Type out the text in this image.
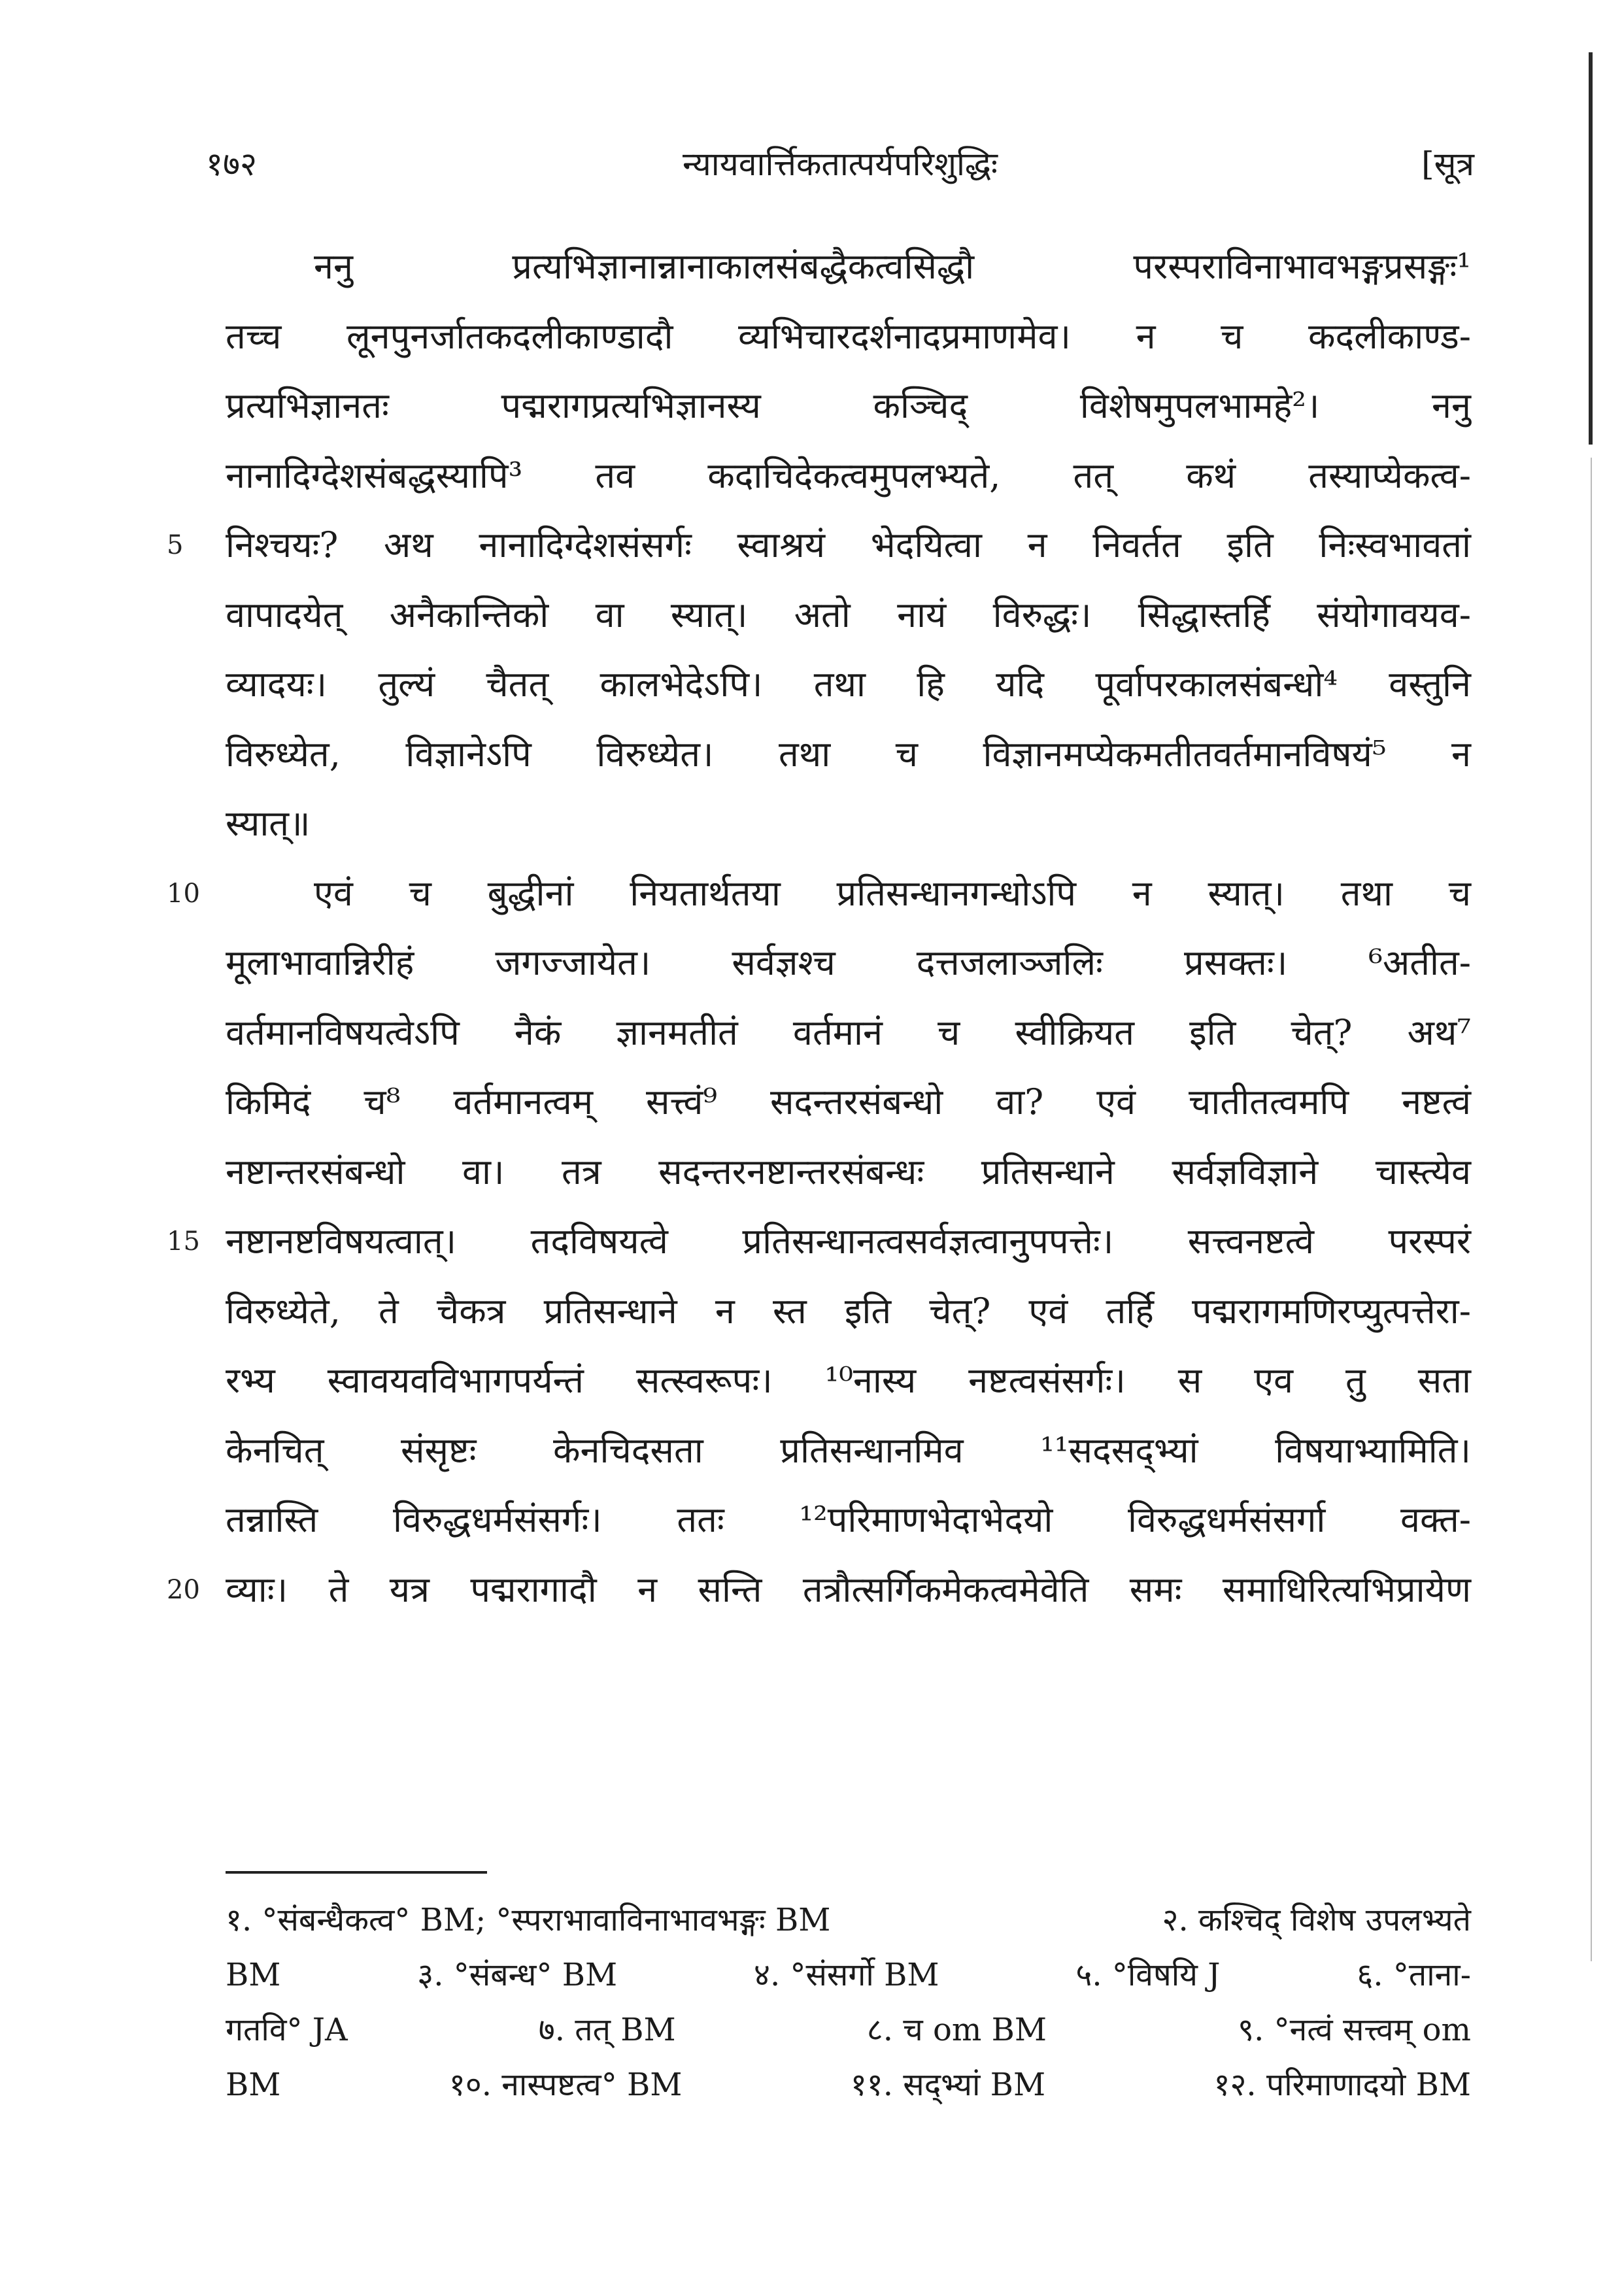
१७२	न्यायवार्त्तिकतात्पर्यपरिशुद्धिः	[सूत्र
ननु प्रत्यभिज्ञानान्नानाकालसंबद्धैकत्वसिद्धौ परस्पराविनाभावभङ्गप्रसङ्गः¹
तच्च लूनपुनर्जातकदलीकाण्डादौ व्यभिचारदर्शनादप्रमाणमेव। न च कदलीकाण्ड-
प्रत्यभिज्ञानतः पद्मरागप्रत्यभिज्ञानस्य कञ्चिद् विशेषमुपलभामहे²। ननु
नानादिग्देशसंबद्धस्यापि³ तव कदाचिदेकत्वमुपलभ्यते, तत् कथं तस्याप्येकत्व-
5 निश्चयः? अथ नानादिग्देशसंसर्गः स्वाश्रयं भेदयित्वा न निवर्तत इति निःस्वभावतां
वापादयेत् अनैकान्तिको वा स्यात्। अतो नायं विरुद्धः। सिद्धास्तर्हि संयोगावयव-
व्यादयः। तुल्यं चैतत् कालभेदेऽपि। तथा हि यदि पूर्वापरकालसंबन्धो⁴ वस्तुनि
विरुध्येत, विज्ञानेऽपि विरुध्येत। तथा च विज्ञानमप्येकमतीतवर्तमानविषयं⁵ न
स्यात्॥
10	एवं च बुद्धीनां नियतार्थतया प्रतिसन्धानगन्धोऽपि न स्यात्। तथा च
मूलाभावान्निरीहं जगज्जायेत। सर्वज्ञश्च दत्तजलाञ्जलिः प्रसक्तः। ⁶अतीत-
वर्तमानविषयत्वेऽपि नैकं ज्ञानमतीतं वर्तमानं च स्वीक्रियत इति चेत्? अथ⁷
किमिदं च⁸ वर्तमानत्वम् सत्त्वं⁹ सदन्तरसंबन्धो वा? एवं चातीतत्वमपि नष्टत्वं
नष्टान्तरसंबन्धो वा। तत्र सदन्तरनष्टान्तरसंबन्धः प्रतिसन्धाने सर्वज्ञविज्ञाने चास्त्येव
15 नष्टानष्टविषयत्वात्। तदविषयत्वे प्रतिसन्धानत्वसर्वज्ञत्वानुपपत्तेः। सत्त्वनष्टत्वे परस्परं
विरुध्येते, ते चैकत्र प्रतिसन्धाने न स्त इति चेत्? एवं तर्हि पद्मरागमणिरप्युत्पत्तेरा-
रभ्य स्वावयवविभागपर्यन्तं सत्स्वरूपः। ¹⁰नास्य नष्टत्वसंसर्गः। स एव तु सता
केनचित् संसृष्टः केनचिदसता प्रतिसन्धानमिव ¹¹सदसद्भ्यां विषयाभ्यामिति।
तन्नास्ति विरुद्धधर्मसंसर्गः। ततः ¹²परिमाणभेदाभेदयो विरुद्धधर्मसंसर्गा वक्त-
20 व्याः। ते यत्र पद्मरागादौ न सन्ति तत्रौत्सर्गिकमेकत्वमेवेति समः समाधिरित्यभिप्रायेण
१. °संबन्धैकत्व° BM; °स्पराभावाविनाभावभङ्गः BM	२. कश्चिद् विशेष उपलभ्यते
BM	३. °संबन्ध° BM	४. °संसर्गो BM	५. °विषयि J	६. °ताना-
गतवि° JA	७. तत् BM	८. च om BM	९. °नत्वं सत्त्वम् om
BM	१०. नास्पष्टत्व° BM	११. सद्भ्यां BM	१२. परिमाणादयो BM
